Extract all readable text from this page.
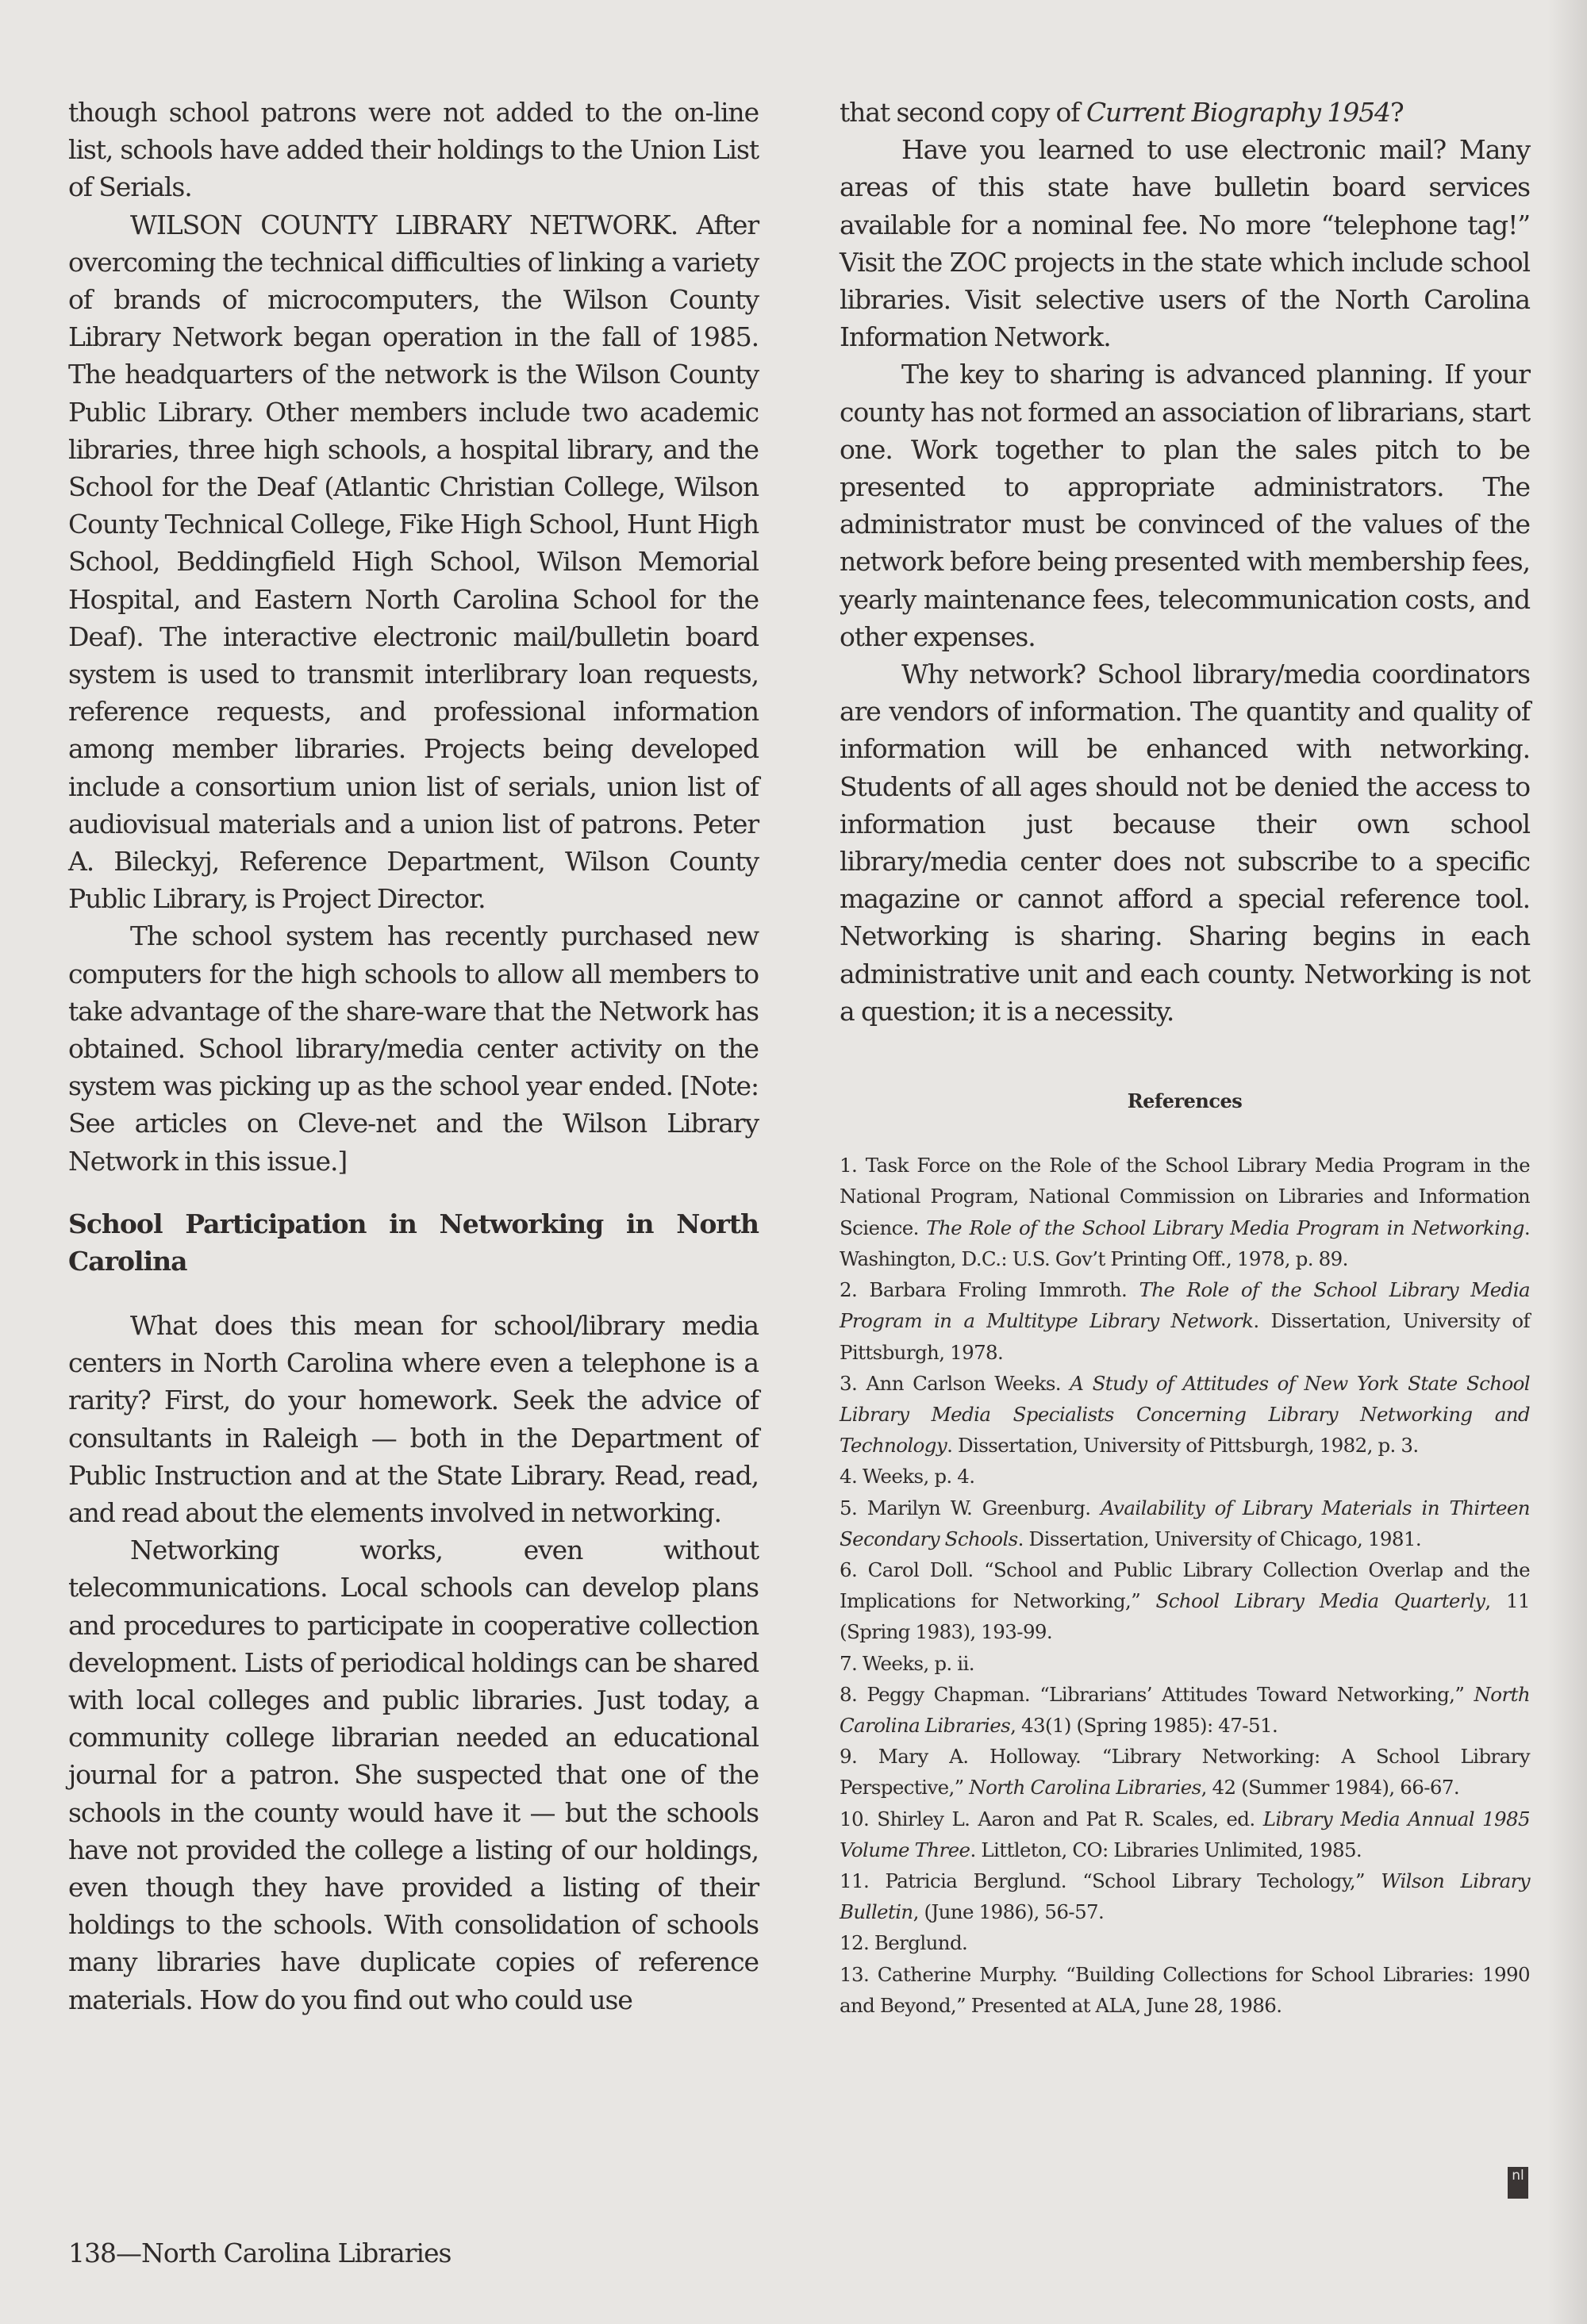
though school patrons were not added to the on-line list, schools have added their holdings to the Union List of Serials.

WILSON COUNTY LIBRARY NETWORK. After overcoming the technical difficulties of linking a variety of brands of microcomputers, the Wilson County Library Network began operation in the fall of 1985. The headquarters of the network is the Wilson County Public Library. Other members include two academic libraries, three high schools, a hospital library, and the School for the Deaf (Atlantic Christian College, Wilson County Technical College, Fike High School, Hunt High School, Beddingfield High School, Wilson Memorial Hospital, and Eastern North Carolina School for the Deaf). The interactive electronic mail/bulletin board system is used to transmit interlibrary loan requests, reference requests, and professional information among member libraries. Projects being developed include a consortium union list of serials, union list of audiovisual materials and a union list of patrons. Peter A. Bileckyj, Reference Department, Wilson County Public Library, is Project Director.

The school system has recently purchased new computers for the high schools to allow all members to take advantage of the share-ware that the Network has obtained. School library/media center activity on the system was picking up as the school year ended. [Note: See articles on Cleve-net and the Wilson Library Network in this issue.]

School Participation in Networking in North Carolina

What does this mean for school/library media centers in North Carolina where even a telephone is a rarity? First, do your homework. Seek the advice of consultants in Raleigh — both in the Department of Public Instruction and at the State Library. Read, read, and read about the elements involved in networking.

Networking works, even without telecommunications. Local schools can develop plans and procedures to participate in cooperative collection development. Lists of periodical holdings can be shared with local colleges and public libraries. Just today, a community college librarian needed an educational journal for a patron. She suspected that one of the schools in the county would have it — but the schools have not provided the college a listing of our holdings, even though they have provided a listing of their holdings to the schools. With consolidation of schools many libraries have duplicate copies of reference materials. How do you find out who could use

that second copy of Current Biography 1954?

Have you learned to use electronic mail? Many areas of this state have bulletin board services available for a nominal fee. No more “telephone tag!” Visit the ZOC projects in the state which include school libraries. Visit selective users of the North Carolina Information Network.

The key to sharing is advanced planning. If your county has not formed an association of librarians, start one. Work together to plan the sales pitch to be presented to appropriate administrators. The administrator must be convinced of the values of the network before being presented with membership fees, yearly maintenance fees, telecommunication costs, and other expenses.

Why network? School library/media coordinators are vendors of information. The quantity and quality of information will be enhanced with networking. Students of all ages should not be denied the access to information just because their own school library/media center does not subscribe to a specific magazine or cannot afford a special reference tool. Networking is sharing. Sharing begins in each administrative unit and each county. Networking is not a question; it is a necessity.

References

1. Task Force on the Role of the School Library Media Program in the National Program, National Commission on Libraries and Information Science. The Role of the School Library Media Program in Networking. Washington, D.C.: U.S. Gov’t Printing Off., 1978, p. 89.

2. Barbara Froling Immroth. The Role of the School Library Media Program in a Multitype Library Network. Dissertation, University of Pittsburgh, 1978.

3. Ann Carlson Weeks. A Study of Attitudes of New York State School Library Media Specialists Concerning Library Networking and Technology. Dissertation, University of Pittsburgh, 1982, p. 3.

4. Weeks, p. 4.

5. Marilyn W. Greenburg. Availability of Library Materials in Thirteen Secondary Schools. Dissertation, University of Chicago, 1981.

6. Carol Doll. “School and Public Library Collection Overlap and the Implications for Networking,” School Library Media Quarterly, 11 (Spring 1983), 193-99.

7. Weeks, p. ii.

8. Peggy Chapman. “Librarians’ Attitudes Toward Networking,” North Carolina Libraries, 43(1) (Spring 1985): 47-51.

9. Mary A. Holloway. “Library Networking: A School Library Perspective,” North Carolina Libraries, 42 (Summer 1984), 66-67.

10. Shirley L. Aaron and Pat R. Scales, ed. Library Media Annual 1985 Volume Three. Littleton, CO: Libraries Unlimited, 1985.

11. Patricia Berglund. “School Library Techology,” Wilson Library Bulletin, (June 1986), 56-57.

12. Berglund.

13. Catherine Murphy. “Building Collections for School Libraries: 1990 and Beyond,” Presented at ALA, June 28, 1986.

nl
138—North Carolina Libraries
